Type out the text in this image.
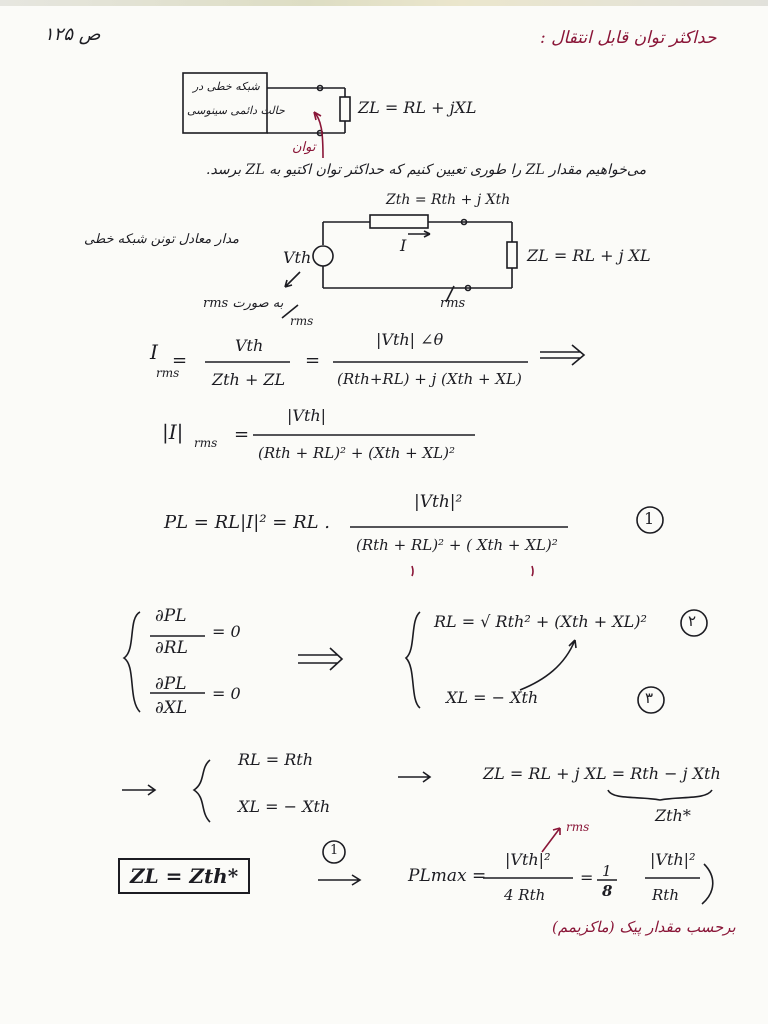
ص ۱۲۵	حداکثر توان قابل انتقال :
شبکه خطی در
حالت دائمی سینوسی	ZL = RL + jXL
توان
می‌خواهیم مقدار ZL را طوری تعیین کنیم که حداکثر توان اکتیو به ZL برسد.
Zth = Rth + j Xth
I
Vth	ZL = RL + j XL
مدار معادل تونن شبکه خطی
به صورت rms	rms
I
rms
=
Vth
Zth + ZL
=
|Vth| ∠θ
(Rth+RL) + j (Xth + XL)
rms
|I| rms =
|Vth|
(Rth + RL)² + (Xth + XL)²
PL = RL|I|² = RL .
|Vth|²
(Rth + RL)² + ( Xth + XL)²
1
∂PL
∂RL
= 0
∂PL
∂XL
= 0
RL = √ Rth² + (Xth + XL)²	۲
XL = − Xth	۳
RL = Rth
XL = − Xth
ZL = RL + j XL = Rth − j Xth
Zth*
ZL = Zth*
1
PLmax =
|Vth|²
4 Rth
= 1
8
|Vth|²
Rth
rms
برحسب مقدار پیک (ماکزیمم)
